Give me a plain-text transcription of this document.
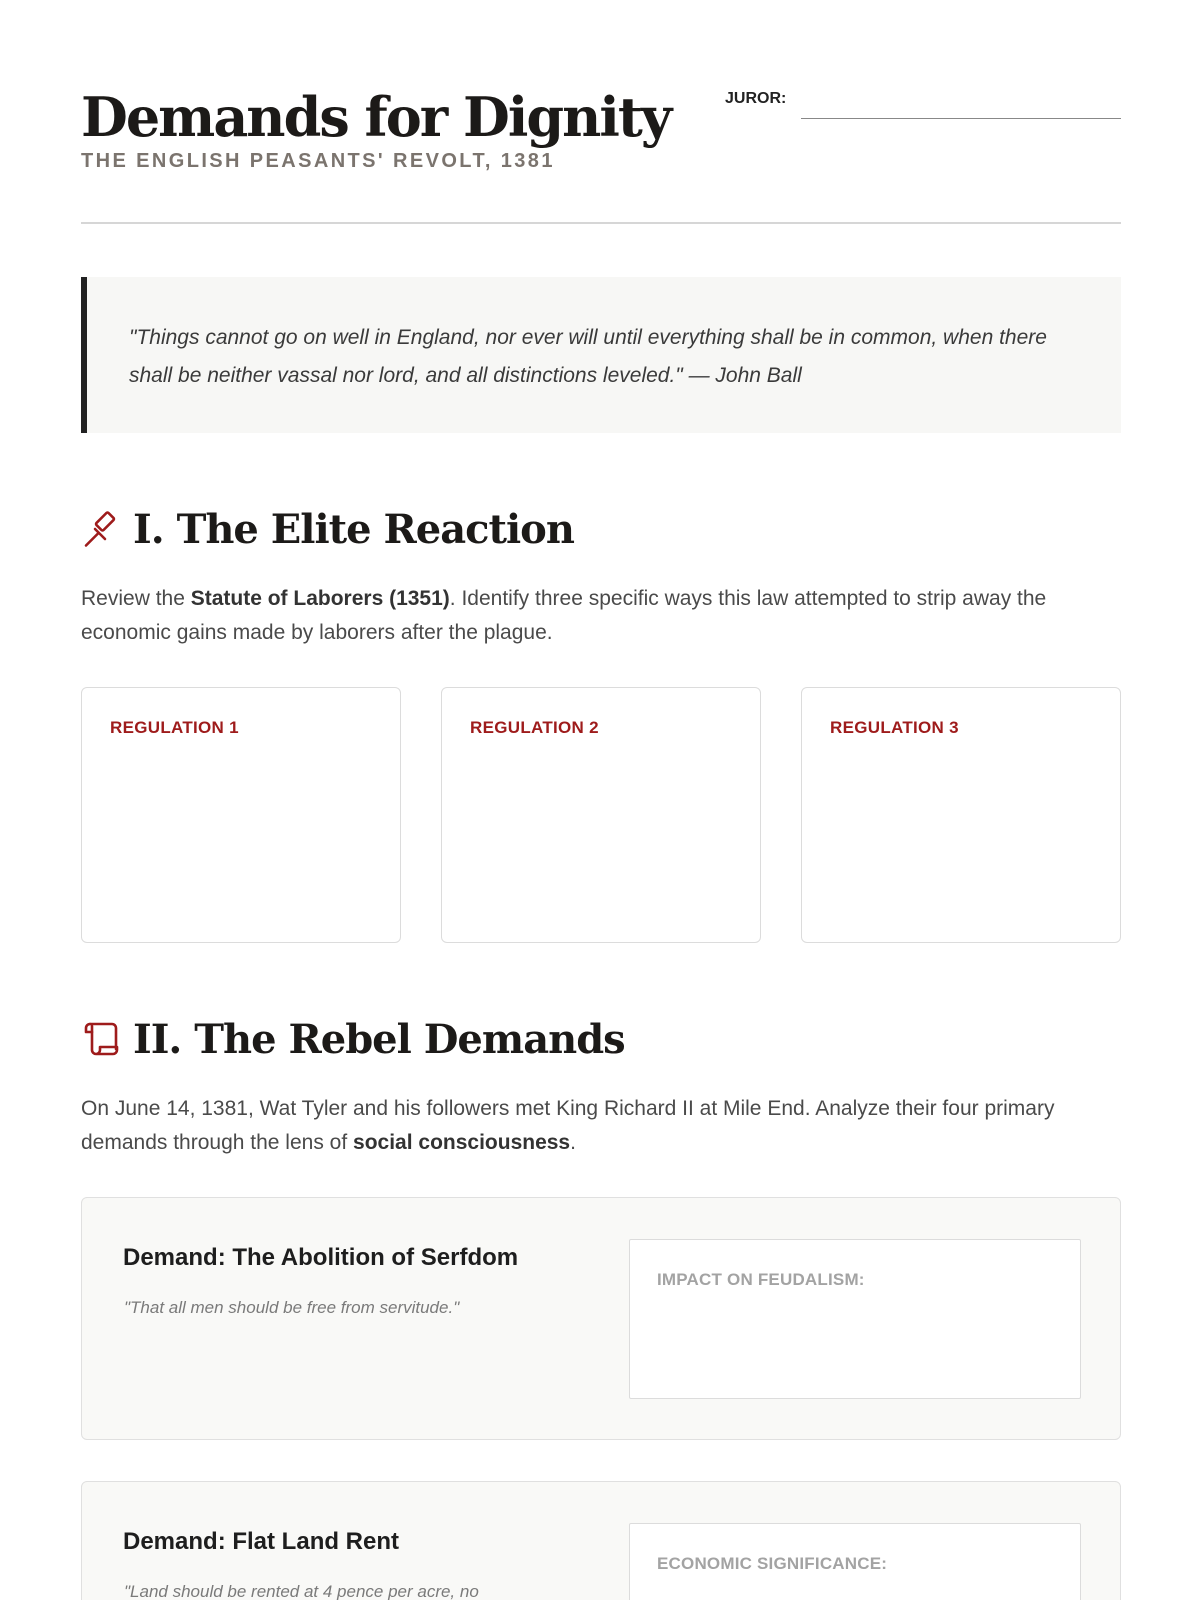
Demands for Dignity
THE ENGLISH PEASANTS' REVOLT, 1381
JUROR:

"Things cannot go on well in England, nor ever will until everything shall be in common, when there shall be neither vassal nor lord, and all distinctions leveled." — John Ball

I. The Elite Reaction

Review the Statute of Laborers (1351). Identify three specific ways this law attempted to strip away the economic gains made by laborers after the plague.

REGULATION 1	REGULATION 2	REGULATION 3
II. The Rebel Demands

On June 14, 1381, Wat Tyler and his followers met King Richard II at Mile End. Analyze their four primary demands through the lens of social consciousness.

Demand: The Abolition of Serfdom
"That all men should be free from servitude."
IMPACT ON FEUDALISM:
Demand: Flat Land Rent
"Land should be rented at 4 pence per acre, no
ECONOMIC SIGNIFICANCE:
